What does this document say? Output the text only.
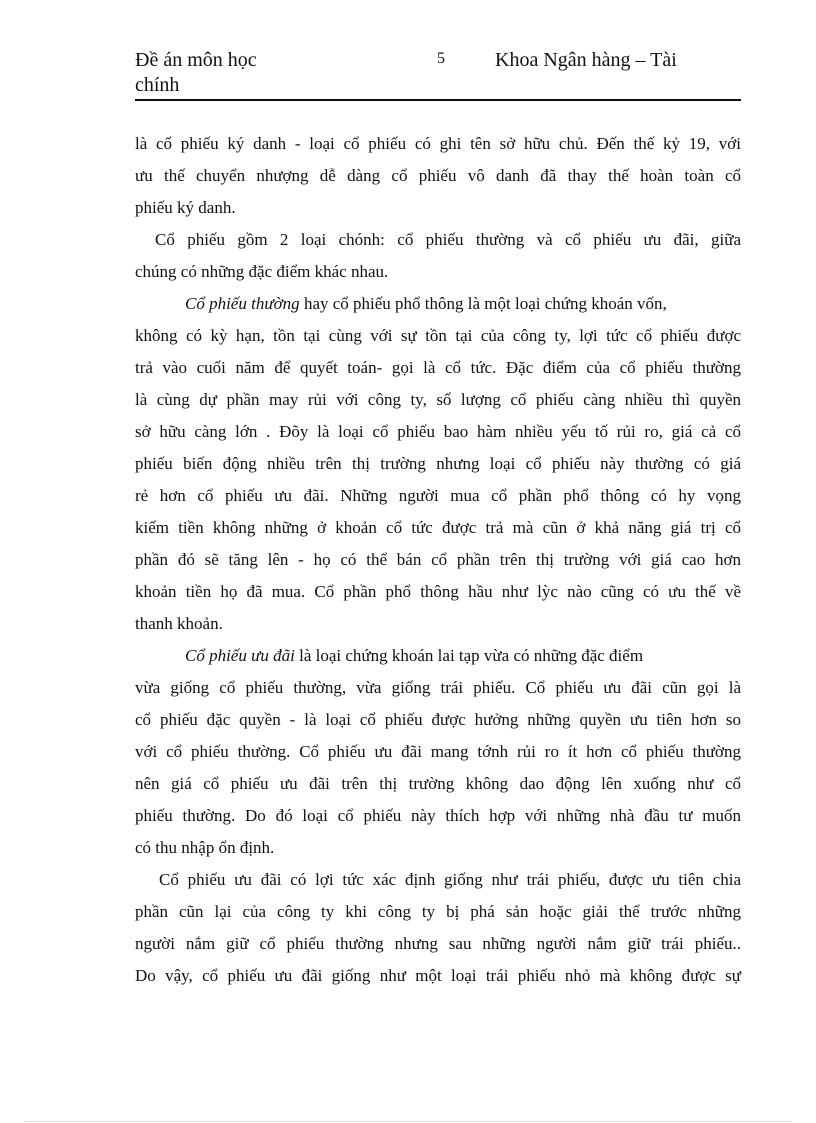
Đề án môn học
chính
5	Khoa Ngân hàng – Tài
là cổ phiếu ký danh - loại cổ phiếu có ghi tên sở hữu chủ. Đến thế kỷ 19, với
ưu thế chuyển nhượng dễ dàng cổ phiếu vô danh đã thay thế hoàn toàn cổ
phiếu ký danh.
Cổ phiếu gồm 2 loại chónh: cổ phiếu thường và cổ phiếu ưu đãi, giữa
chúng có những đặc điểm khác nhau.
Cổ phiếu thường hay cổ phiếu phổ thông là một loại chứng khoán vốn,
không có kỳ hạn, tồn tại cùng với sự tồn tại của công ty, lợi tức cổ phiếu được
trả vào cuối năm để quyết toán- gọi là cổ tức. Đặc điểm của cổ phiếu thường
là cùng dự phần may rủi với công ty, số lượng cổ phiếu càng nhiều thì quyền
sở hữu càng lớn . Đõy là loại cổ phiếu bao hàm nhiều yếu tố rủi ro, giá cả cổ
phiếu biến động nhiều trên thị trường nhưng loại cổ phiếu này thường có giá
rẻ hơn cổ phiếu ưu đãi. Những người mua cổ phần phổ thông có hy vọng
kiếm tiền không những ở khoản cổ tức được trả mà cũn ở khả năng giá trị cổ
phần đó sẽ tăng lên - họ có thể bán cổ phần trên thị trường với giá cao hơn
khoản tiền họ đã mua. Cổ phần phổ thông hầu như lỳc nào cũng có ưu thế về
thanh khoản.
Cổ phiếu ưu đãi là loại chứng khoán lai tạp vừa có những đặc điểm
vừa giống cổ phiếu thường, vừa giống trái phiếu. Cổ phiếu ưu đãi cũn gọi là
cổ phiếu đặc quyền - là loại cổ phiếu được hưởng những quyền ưu tiên hơn so
với cổ phiếu thường. Cổ phiếu ưu đãi mang tớnh rủi ro ít hơn cổ phiếu thường
nên giá cổ phiếu ưu đãi trên thị trường không dao động lên xuống như cổ
phiếu thường. Do đó loại cổ phiếu này thích hợp với những nhà đầu tư muốn
có thu nhập ổn định.
Cổ phiếu ưu đãi có lợi tức xác định giống như trái phiếu, được ưu tiên chia
phần cũn lại của công ty khi công ty bị phá sản hoặc giải thể trước những
người nắm giữ cổ phiếu thường nhưng sau những người nắm giữ trái phiếu..
Do vậy, cổ phiếu ưu đãi giống như một loại trái phiếu nhỏ mà không được sự
